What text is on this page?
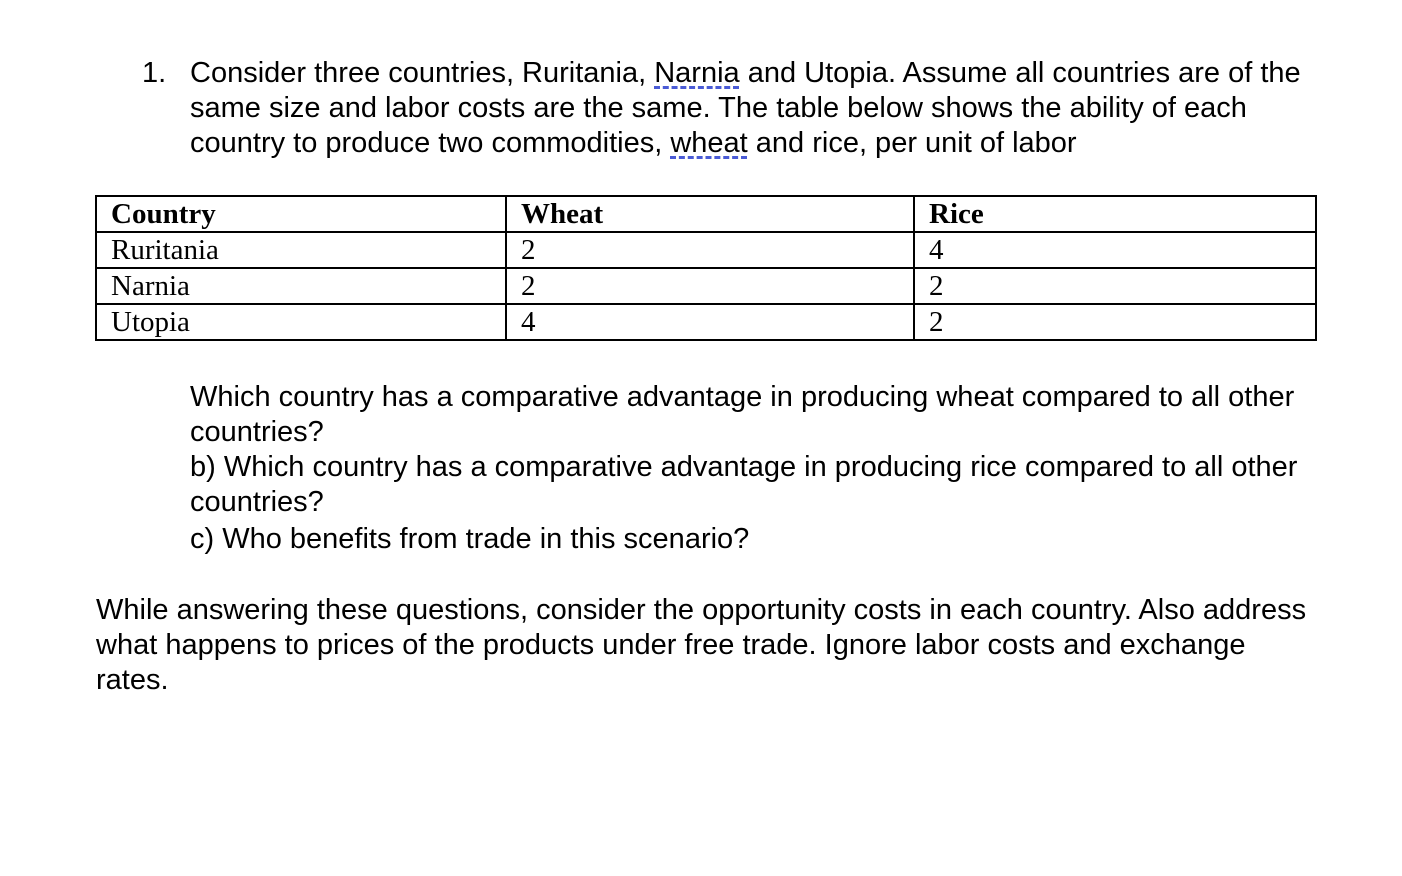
1. Consider three countries, Ruritania, Narnia and Utopia. Assume all countries are of the same size and labor costs are the same. The table below shows the ability of each country to produce two commodities, wheat and rice, per unit of labor
Country	Wheat	Rice
Ruritania	2	4
Narnia	2	2
Utopia	4	2

Which country has a comparative advantage in producing wheat compared to all other countries?

b) Which country has a comparative advantage in producing rice compared to all other countries?

c) Who benefits from trade in this scenario?

While answering these questions, consider the opportunity costs in each country. Also address what happens to prices of the products under free trade. Ignore labor costs and exchange rates.
